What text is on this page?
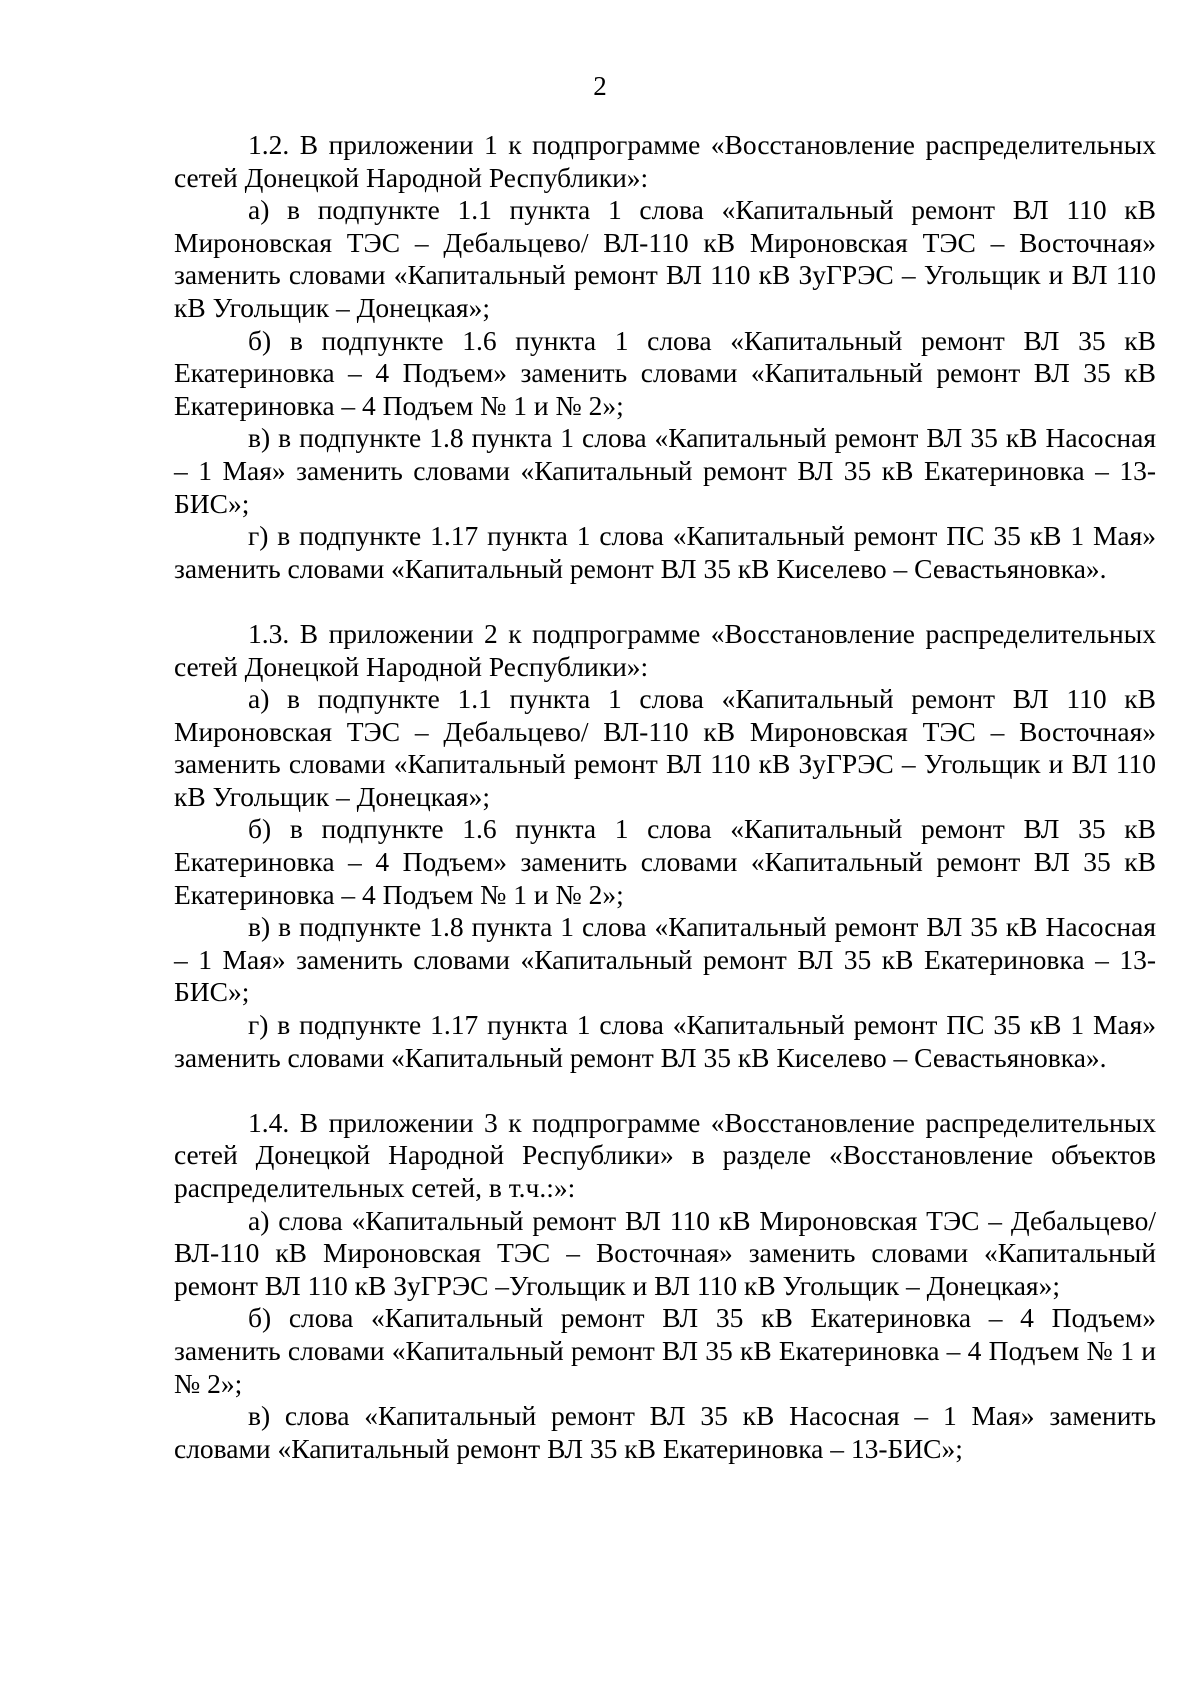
2

1.2. В приложении 1 к подпрограмме «Восстановление распределительных сетей Донецкой Народной Республики»:

а) в подпункте 1.1 пункта 1 слова «Капитальный ремонт ВЛ 110 кВ Мироновская ТЭС – Дебальцево/ ВЛ-110 кВ Мироновская ТЭС – Восточная» заменить словами «Капитальный ремонт ВЛ 110 кВ ЗуГРЭС – Угольщик и ВЛ 110 кВ Угольщик – Донецкая»;

б) в подпункте 1.6 пункта 1 слова «Капитальный ремонт ВЛ 35 кВ Екатериновка – 4 Подъем» заменить словами «Капитальный ремонт ВЛ 35 кВ Екатериновка – 4 Подъем № 1 и № 2»;

в) в подпункте 1.8 пункта 1 слова «Капитальный ремонт ВЛ 35 кВ Насосная – 1 Мая» заменить словами «Капитальный ремонт ВЛ 35 кВ Екатериновка – 13-БИС»;

г) в подпункте 1.17 пункта 1 слова «Капитальный ремонт ПС 35 кВ 1 Мая» заменить словами «Капитальный ремонт ВЛ 35 кВ Киселево – Севастьяновка».

1.3. В приложении 2 к подпрограмме «Восстановление распределительных сетей Донецкой Народной Республики»:

а) в подпункте 1.1 пункта 1 слова «Капитальный ремонт ВЛ 110 кВ Мироновская ТЭС – Дебальцево/ ВЛ-110 кВ Мироновская ТЭС – Восточная» заменить словами «Капитальный ремонт ВЛ 110 кВ ЗуГРЭС – Угольщик и ВЛ 110 кВ Угольщик – Донецкая»;

б) в подпункте 1.6 пункта 1 слова «Капитальный ремонт ВЛ 35 кВ Екатериновка – 4 Подъем» заменить словами «Капитальный ремонт ВЛ 35 кВ Екатериновка – 4 Подъем № 1 и № 2»;

в) в подпункте 1.8 пункта 1 слова «Капитальный ремонт ВЛ 35 кВ Насосная – 1 Мая» заменить словами «Капитальный ремонт ВЛ 35 кВ Екатериновка – 13-БИС»;

г) в подпункте 1.17 пункта 1 слова «Капитальный ремонт ПС 35 кВ 1 Мая» заменить словами «Капитальный ремонт ВЛ 35 кВ Киселево – Севастьяновка».

1.4. В приложении 3 к подпрограмме «Восстановление распределительных сетей Донецкой Народной Республики» в разделе «Восстановление объектов распределительных сетей, в т.ч.:»:

а) слова «Капитальный ремонт ВЛ 110 кВ Мироновская ТЭС – Дебальцево/ ВЛ-110 кВ Мироновская ТЭС – Восточная» заменить словами «Капитальный ремонт ВЛ 110 кВ ЗуГРЭС –Угольщик и ВЛ 110 кВ Угольщик – Донецкая»;

б) слова «Капитальный ремонт ВЛ 35 кВ Екатериновка – 4 Подъем» заменить словами «Капитальный ремонт ВЛ 35 кВ Екатериновка – 4 Подъем № 1 и № 2»;

в) слова «Капитальный ремонт ВЛ 35 кВ Насосная – 1 Мая» заменить словами «Капитальный ремонт ВЛ 35 кВ Екатериновка – 13-БИС»;
